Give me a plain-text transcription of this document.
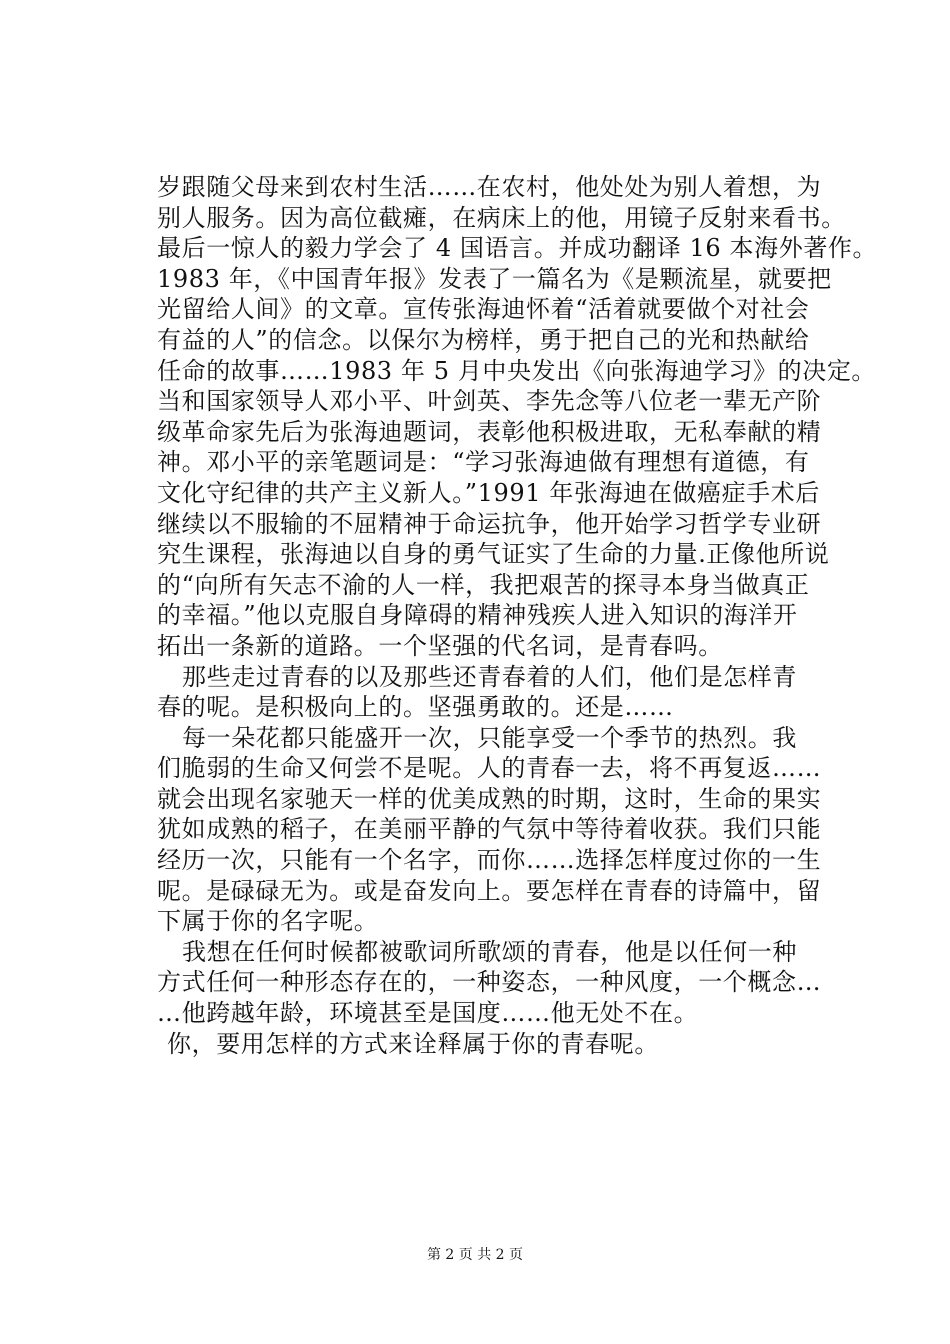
岁跟随父母来到农村生活……在农村，他处处为别人着想，为
别人服务。因为高位截瘫，在病床上的他，用镜子反射来看书。
最后一惊人的毅力学会了 4 国语言。并成功翻译 16 本海外著作。
1983 年，《中国青年报》发表了一篇名为《是颗流星，就要把
光留给人间》的文章。宣传张海迪怀着“活着就要做个对社会
有益的人”的信念。以保尔为榜样，勇于把自己的光和热献给
任命的故事……1983 年 5 月中央发出《向张海迪学习》的决定。
当和国家领导人邓小平、叶剑英、李先念等八位老一辈无产阶
级革命家先后为张海迪题词，表彰他积极进取，无私奉献的精
神。邓小平的亲笔题词是：“学习张海迪做有理想有道德，有
文化守纪律的共产主义新人。”1991 年张海迪在做癌症手术后
继续以不服输的不屈精神于命运抗争，他开始学习哲学专业研
究生课程，张海迪以自身的勇气证实了生命的力量.正像他所说
的“向所有矢志不渝的人一样，我把艰苦的探寻本身当做真正
的幸福。”他以克服自身障碍的精神残疾人进入知识的海洋开
拓出一条新的道路。一个坚强的代名词，是青春吗。
那些走过青春的以及那些还青春着的人们，他们是怎样青
春的呢。是积极向上的。坚强勇敢的。还是……
每一朵花都只能盛开一次，只能享受一个季节的热烈。我
们脆弱的生命又何尝不是呢。人的青春一去，将不再复返……
就会出现名家驰天一样的优美成熟的时期，这时，生命的果实
犹如成熟的稻子，在美丽平静的气氛中等待着收获。我们只能
经历一次，只能有一个名字，而你……选择怎样度过你的一生
呢。是碌碌无为。或是奋发向上。要怎样在青春的诗篇中，留
下属于你的名字呢。
我想在任何时候都被歌词所歌颂的青春，他是以任何一种
方式任何一种形态存在的，一种姿态，一种风度，一个概念…
…他跨越年龄，环境甚至是国度……他无处不在。
你，要用怎样的方式来诠释属于你的青春呢。
第 2 页 共 2 页
